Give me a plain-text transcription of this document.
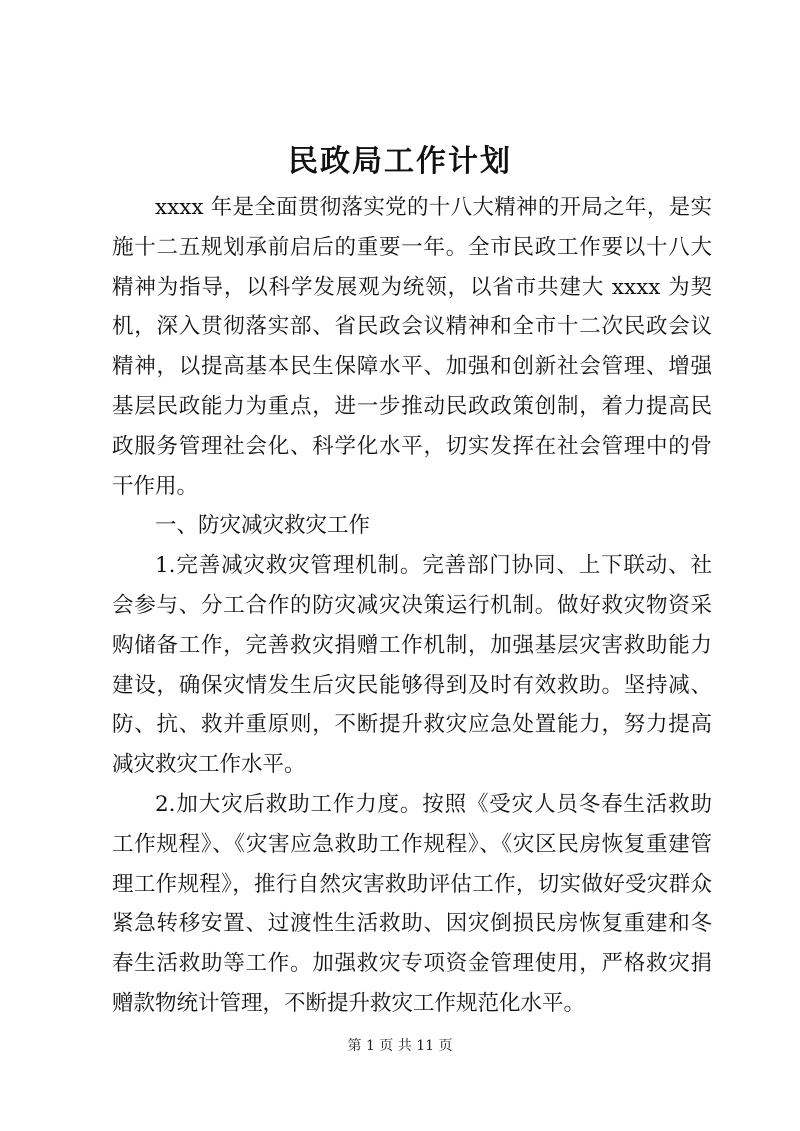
民政局工作计划

xxxx 年是全面贯彻落实党的十八大精神的开局之年，是实施十二五规划承前启后的重要一年。全市民政工作要以十八大精神为指导，以科学发展观为统领，以省市共建大 xxxx 为契机，深入贯彻落实部、省民政会议精神和全市十二次民政会议精神，以提高基本民生保障水平、加强和创新社会管理、增强基层民政能力为重点，进一步推动民政政策创制，着力提高民政服务管理社会化、科学化水平，切实发挥在社会管理中的骨干作用。

一、防灾减灾救灾工作

1.完善减灾救灾管理机制。完善部门协同、上下联动、社会参与、分工合作的防灾减灾决策运行机制。做好救灾物资采购储备工作，完善救灾捐赠工作机制，加强基层灾害救助能力建设，确保灾情发生后灾民能够得到及时有效救助。坚持减、防、抗、救并重原则，不断提升救灾应急处置能力，努力提高减灾救灾工作水平。

2.加大灾后救助工作力度。按照《受灾人员冬春生活救助工作规程》、《灾害应急救助工作规程》、《灾区民房恢复重建管理工作规程》，推行自然灾害救助评估工作，切实做好受灾群众紧急转移安置、过渡性生活救助、因灾倒损民房恢复重建和冬春生活救助等工作。加强救灾专项资金管理使用，严格救灾捐赠款物统计管理，不断提升救灾工作规范化水平。

第 1 页 共 11 页
